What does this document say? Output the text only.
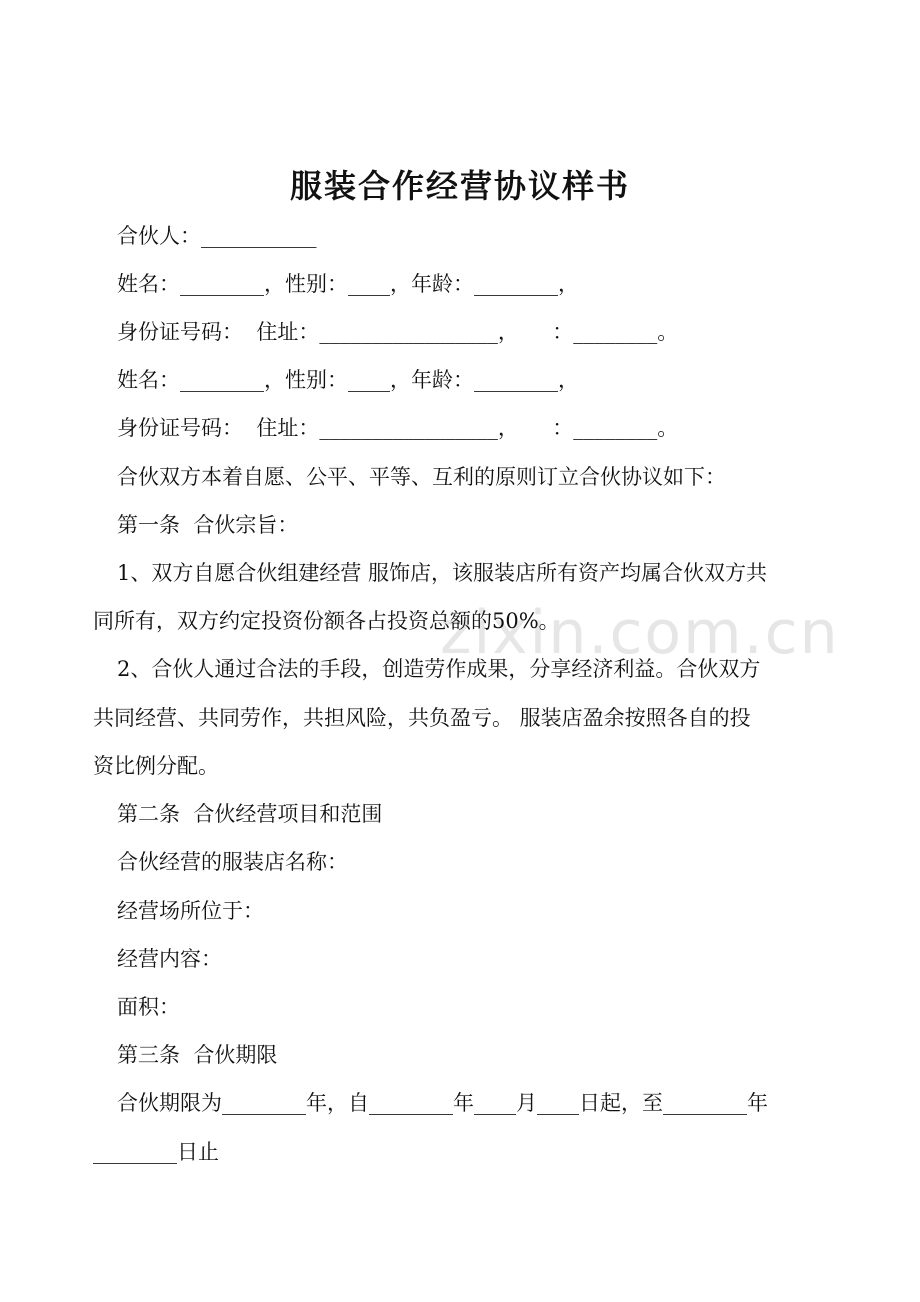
zixin.com.cn
服装合作经营协议样书
合伙人：___________
姓名：________，性别：____，年龄：________，
身份证号码：  住址：_________________，     ：________。
姓名：________，性别：____，年龄：________，
身份证号码：  住址：_________________，     ：________。
合伙双方本着自愿、公平、平等、互利的原则订立合伙协议如下：
第一条  合伙宗旨：
1、双方自愿合伙组建经营 服饰店，该服装店所有资产均属合伙双方共
同所有，双方约定投资份额各占投资总额的50%。
2、合伙人通过合法的手段，创造劳作成果，分享经济利益。合伙双方
共同经营、共同劳作，共担风险，共负盈亏。 服装店盈余按照各自的投
资比例分配。
第二条  合伙经营项目和范围
合伙经营的服装店名称：
经营场所位于：
经营内容：
面积：
第三条  合伙期限
合伙期限为________年，自________年____月____日起，至________年
________日止
